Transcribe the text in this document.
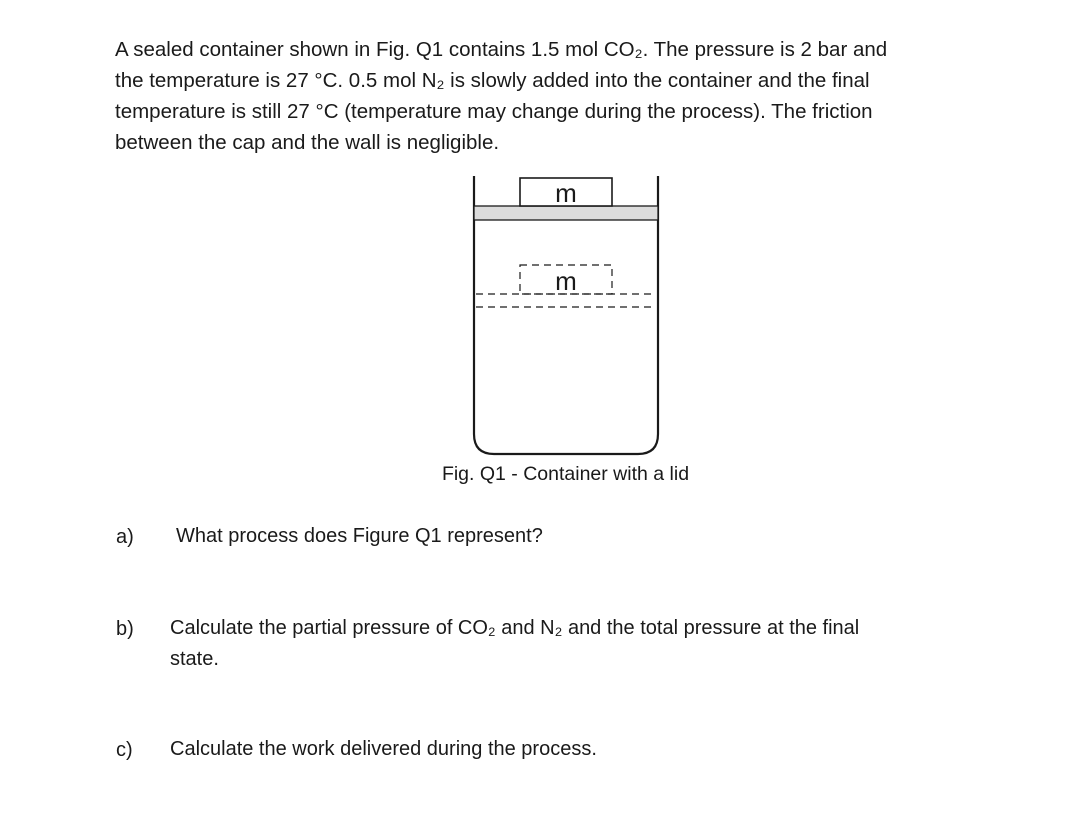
A sealed container shown in Fig. Q1 contains 1.5 mol CO₂. The pressure is 2 bar and
the temperature is 27 °C. 0.5 mol N₂ is slowly added into the container and the final
temperature is still 27 °C (temperature may change during the process). The friction
between the cap and the wall is negligible.

m
m

Fig. Q1 - Container with a lid

a) What process does Figure Q1 represent?

b) Calculate the partial pressure of CO₂ and N₂ and the total pressure at the final
state.

c) Calculate the work delivered during the process.
